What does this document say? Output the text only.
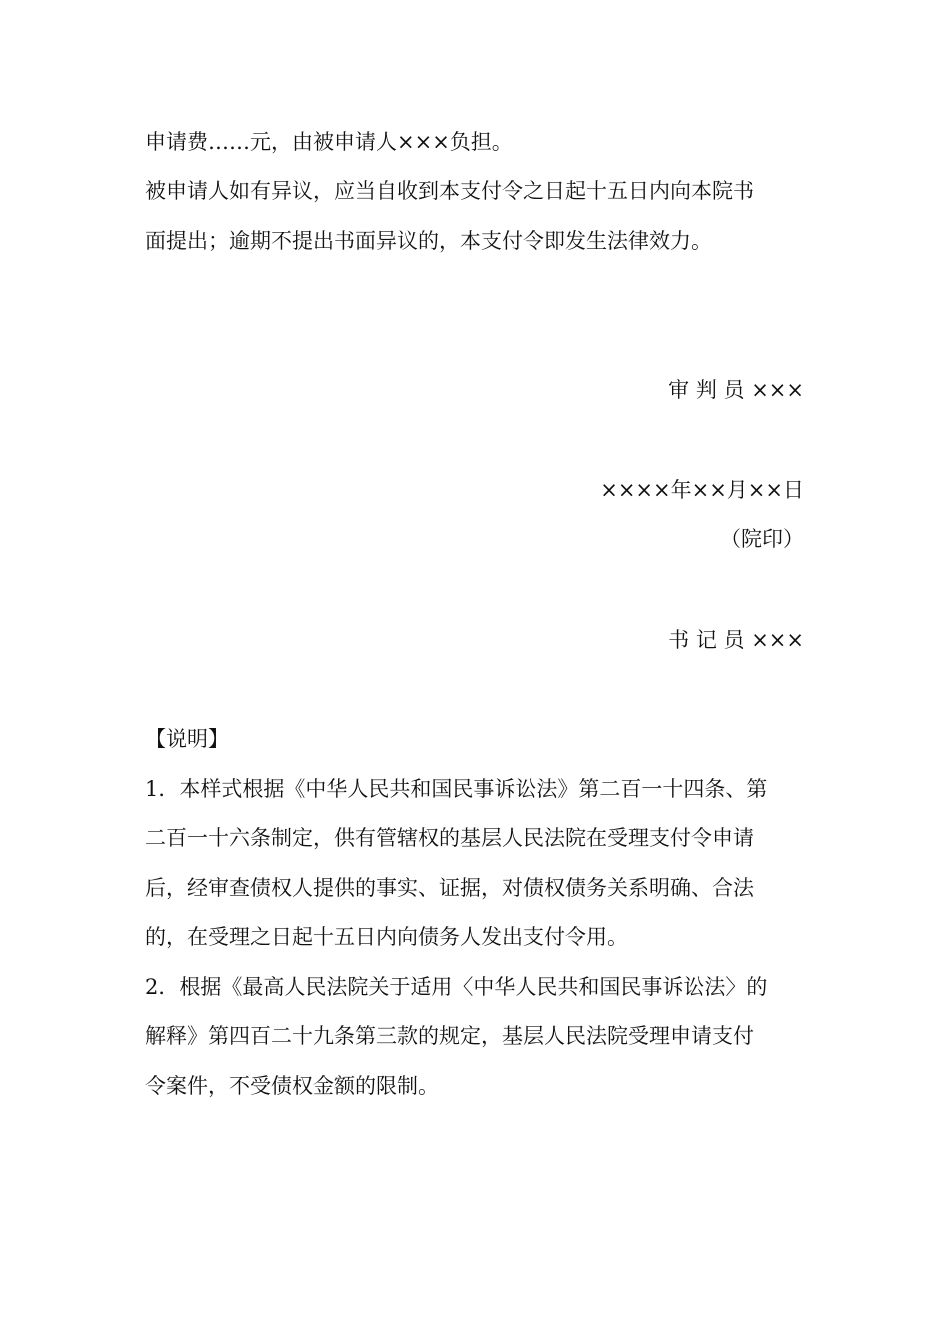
申请费……元，由被申请人×××负担。
被申请人如有异议，应当自收到本支付令之日起十五日内向本院书
面提出；逾期不提出书面异议的，本支付令即发生法律效力。
审 判 员 ×××
××××年××月××日
（院印）
书 记 员 ×××
【说明】
1．本样式根据《中华人民共和国民事诉讼法》第二百一十四条、第
二百一十六条制定，供有管辖权的基层人民法院在受理支付令申请
后，经审查债权人提供的事实、证据，对债权债务关系明确、合法
的，在受理之日起十五日内向债务人发出支付令用。
2．根据《最高人民法院关于适用〈中华人民共和国民事诉讼法〉的
解释》第四百二十九条第三款的规定，基层人民法院受理申请支付
令案件，不受债权金额的限制。
